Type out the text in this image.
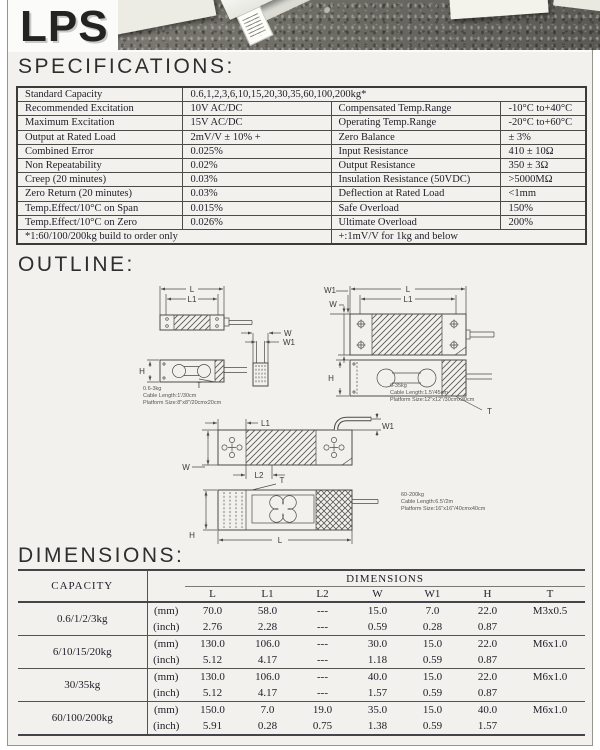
LPS
SPECIFICATIONS:
OUTLINE:
DIMENSIONS:
Standard Capacity	0.6,1,2,3,6,10,15,20,30,35,60,100,200kg*		
Recommended Excitation	10V AC/DC	Compensated Temp.Range	-10°C to+40°C
Maximum Excitation	15V AC/DC	Operating Temp.Range	-20°C to+60°C
Output at Rated Load	2mV/V ± 10% +	Zero Balance	± 3%
Combined Error	0.025%	Input Resistance	410 ± 10Ω
Non Repeatability	0.02%	Output Resistance	350 ± 3Ω
Creep (20 minutes)	0.03%	Insulation Resistance (50VDC)	>5000MΩ
Zero Return (20 minutes)	0.03%	Deflection at Rated Load	<1mm
Temp.Effect/10°C on Span	0.015%	Safe Overload	150%
Temp.Effect/10°C on Zero	0.026%	Ultimate Overload	200%
*1:60/100/200kg build to order only		+:1mV/V for 1kg and below	
L
L1
W
W1
H
T
0.6-3kg
Cable Length:1'/30cm
Platform Size:8"x8"/20cmx20cm
L
L1
W1
W
H
T
6-35kg
Cable Length:1.5'/45cm
Platform Size:12"x12"/30cmx30cm
L1	W1
W
L2
T
L
H
60-200kg
Cable Length:6.5'/2m
Platform Size:16"x16"/40cmx40cm
CAPACITY		DIMENSIONS						
		L	L1	L2	W	W1	H	T
0.6/1/2/3kg	(mm)	70.0	58.0	---	15.0	7.0	22.0	M3x0.5
	(inch)	2.76	2.28	---	0.59	0.28	0.87	
6/10/15/20kg	(mm)	130.0	106.0	---	30.0	15.0	22.0	M6x1.0
	(inch)	5.12	4.17	---	1.18	0.59	0.87	
30/35kg	(mm)	130.0	106.0	---	40.0	15.0	22.0	M6x1.0
	(inch)	5.12	4.17	---	1.57	0.59	0.87	
60/100/200kg	(mm)	150.0	7.0	19.0	35.0	15.0	40.0	M6x1.0
	(inch)	5.91	0.28	0.75	1.38	0.59	1.57	
